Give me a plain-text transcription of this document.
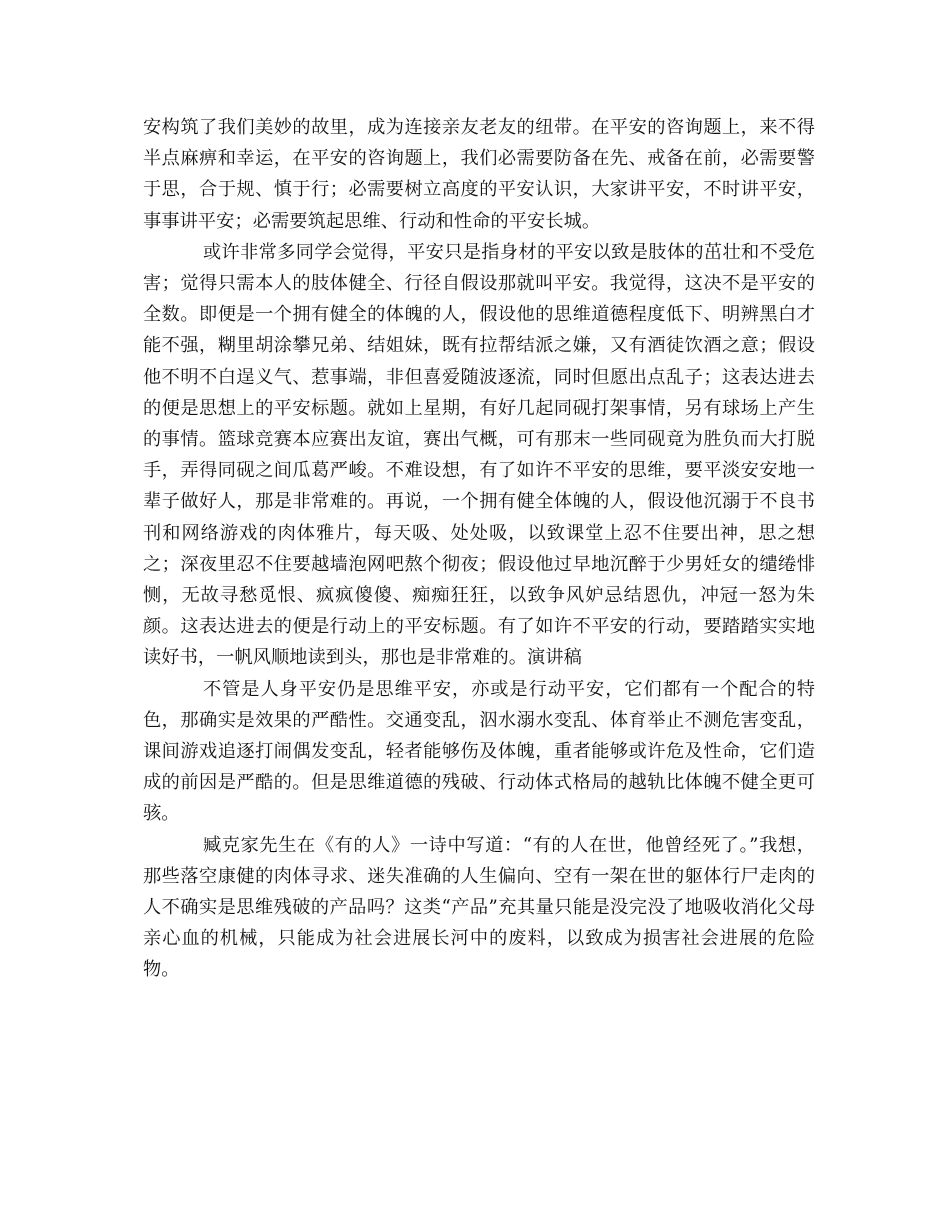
安构筑了我们美妙的故里，成为连接亲友老友的纽带。在平安的咨询题上，来不得半点麻痹和幸运，在平安的咨询题上，我们必需要防备在先、戒备在前，必需要警于思，合于规、慎于行；必需要树立高度的平安认识，大家讲平安，不时讲平安，事事讲平安；必需要筑起思维、行动和性命的平安长城。

或许非常多同学会觉得，平安只是指身材的平安以致是肢体的茁壮和不受危害；觉得只需本人的肢体健全、行径自假设那就叫平安。我觉得，这决不是平安的全数。即便是一个拥有健全的体魄的人，假设他的思维道德程度低下、明辨黑白才能不强，糊里胡涂攀兄弟、结姐妹，既有拉帮结派之嫌，又有酒徒饮酒之意；假设他不明不白逞义气、惹事端，非但喜爱随波逐流，同时但愿出点乱子；这表达进去的便是思想上的平安标题。就如上星期，有好几起同砚打架事情，另有球场上产生的事情。篮球竞赛本应赛出友谊，赛出气概，可有那末一些同砚竟为胜负而大打脱手，弄得同砚之间瓜葛严峻。不难设想，有了如许不平安的思维，要平淡安安地一辈子做好人，那是非常难的。再说，一个拥有健全体魄的人，假设他沉溺于不良书刊和网络游戏的肉体雅片，每天吸、处处吸，以致课堂上忍不住要出神，思之想之；深夜里忍不住要越墙泡网吧熬个彻夜；假设他过早地沉醉于少男妊女的缱绻悱恻，无故寻愁觅恨、疯疯傻傻、痴痴狂狂，以致争风妒忌结恩仇，冲冠一怒为朱颜。这表达进去的便是行动上的平安标题。有了如许不平安的行动，要踏踏实实地读好书，一帆风顺地读到头，那也是非常难的。演讲稿

不管是人身平安仍是思维平安，亦或是行动平安，它们都有一个配合的特色，那确实是效果的严酷性。交通变乱，泅水溺水变乱、体育举止不测危害变乱，课间游戏追逐打闹偶发变乱，轻者能够伤及体魄，重者能够或许危及性命，它们造成的前因是严酷的。但是思维道德的残破、行动体式格局的越轨比体魄不健全更可骇。

臧克家先生在《有的人》一诗中写道：“有的人在世，他曾经死了。”我想，那些落空康健的肉体寻求、迷失准确的人生偏向、空有一架在世的躯体行尸走肉的人不确实是思维残破的产品吗？这类“产品”充其量只能是没完没了地吸收消化父母亲心血的机械，只能成为社会进展长河中的废料，以致成为损害社会进展的危险物。
